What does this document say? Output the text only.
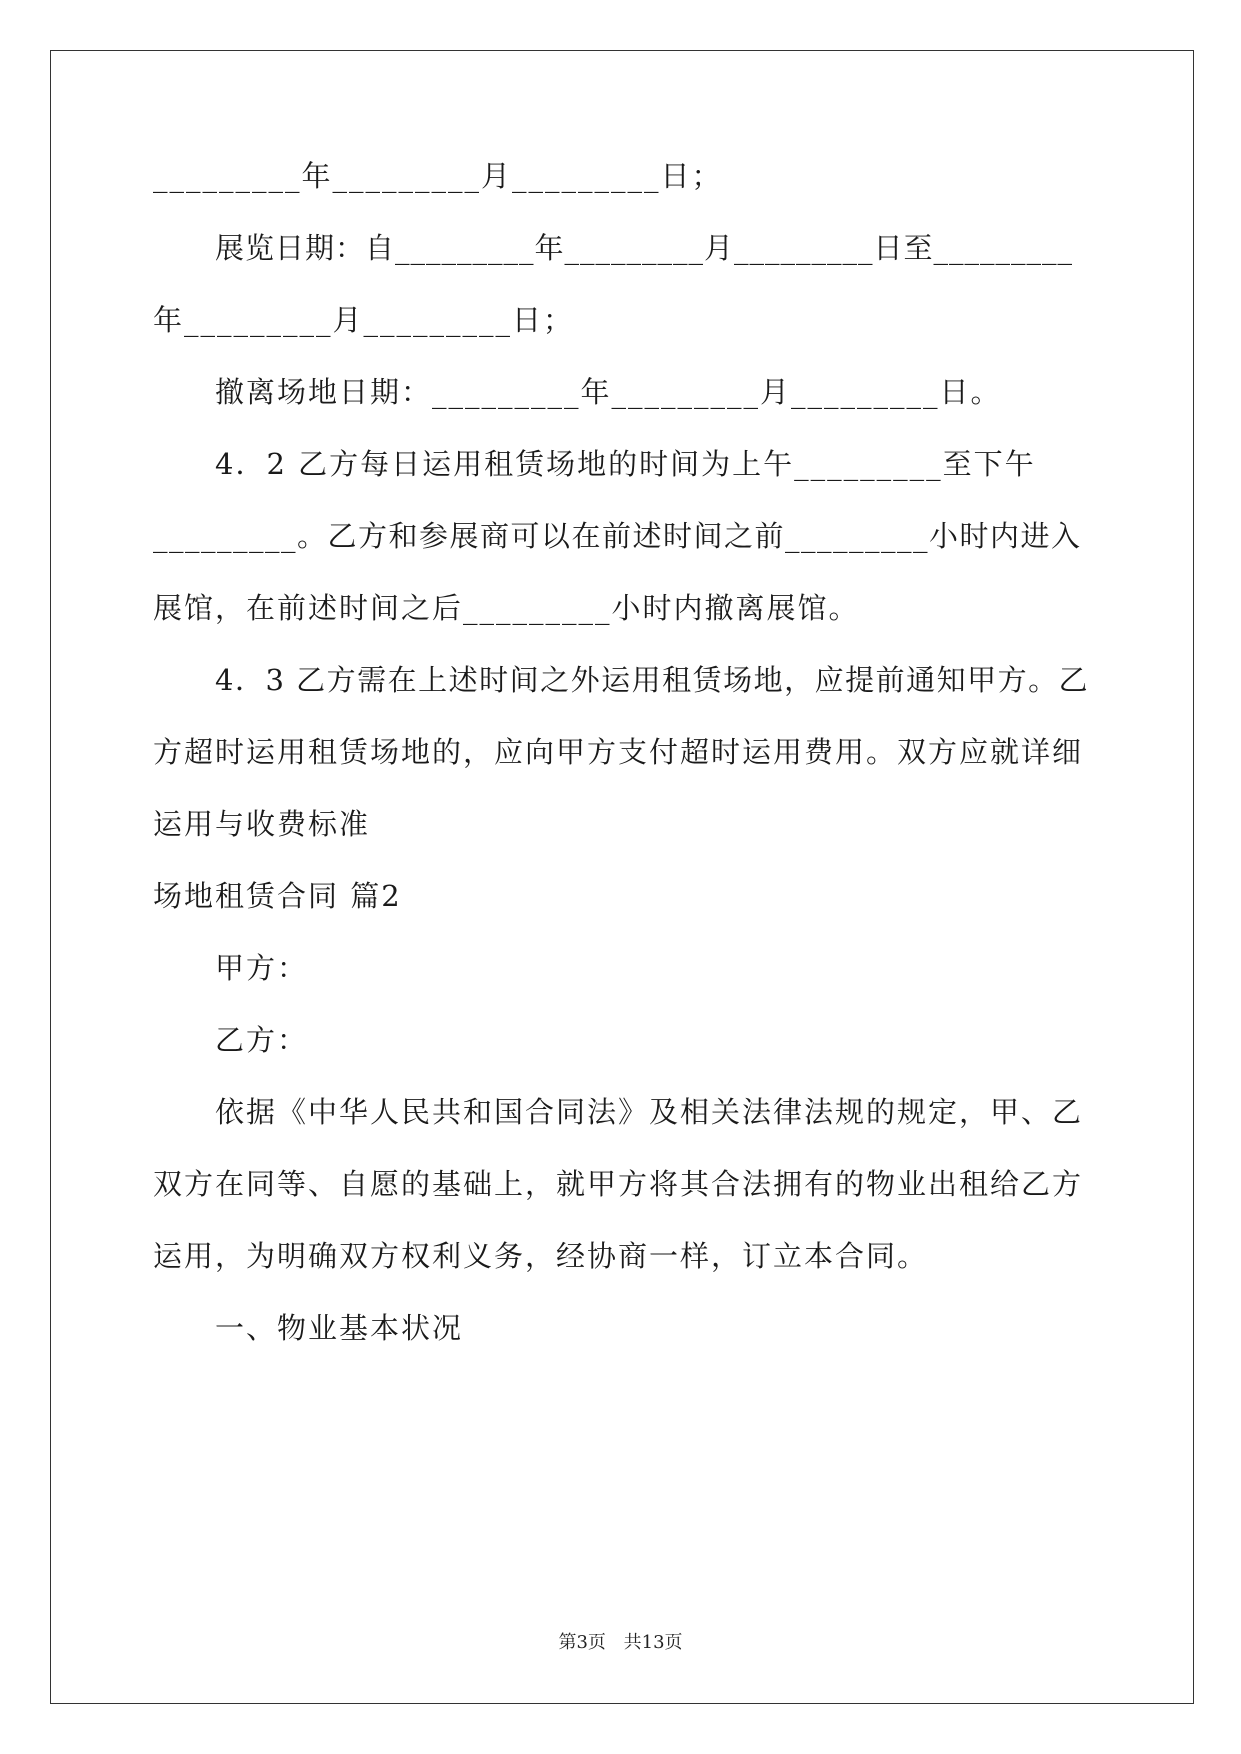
_________年_________月_________日；
展览日期：自_________年_________月_________日至_________
年_________月_________日；
撤离场地日期：_________年_________月_________日。
4．2 乙方每日运用租赁场地的时间为上午_________至下午
_________。乙方和参展商可以在前述时间之前_________小时内进入
展馆，在前述时间之后_________小时内撤离展馆。
4．3 乙方需在上述时间之外运用租赁场地，应提前通知甲方。乙
方超时运用租赁场地的，应向甲方支付超时运用费用。双方应就详细
运用与收费标准
场地租赁合同 篇2
甲方：
乙方：
依据《中华人民共和国合同法》及相关法律法规的规定，甲、乙
双方在同等、自愿的基础上，就甲方将其合法拥有的物业出租给乙方
运用，为明确双方权利义务，经协商一样，订立本合同。
一、物业基本状况
第3页 共13页
